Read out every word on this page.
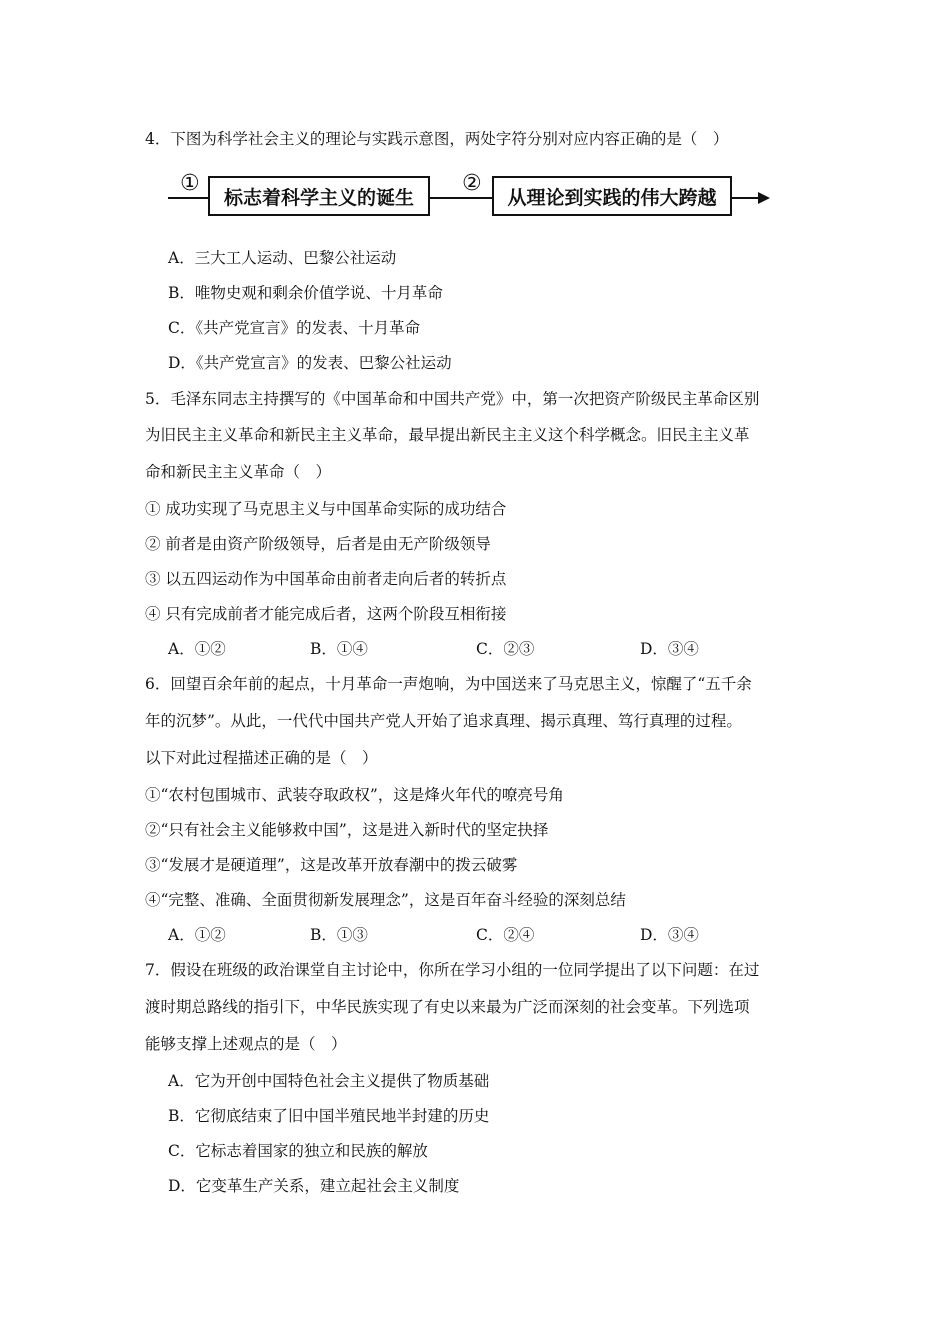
4．下图为科学社会主义的理论与实践示意图，两处字符分别对应内容正确的是（　）
①
标志着科学主义的诞生
②
从理论到实践的伟大跨越
A．三大工人运动、巴黎公社运动
B．唯物史观和剩余价值学说、十月革命
C．《共产党宣言》的发表、十月革命
D．《共产党宣言》的发表、巴黎公社运动
5．毛泽东同志主持撰写的《中国革命和中国共产党》中，第一次把资产阶级民主革命区别
为旧民主主义革命和新民主主义革命，最早提出新民主主义这个科学概念。旧民主主义革
命和新民主主义革命（　）
① 成功实现了马克思主义与中国革命实际的成功结合
② 前者是由资产阶级领导，后者是由无产阶级领导
③ 以五四运动作为中国革命由前者走向后者的转折点
④ 只有完成前者才能完成后者，这两个阶段互相衔接
A．①②	B．①④	C．②③	D．③④
6．回望百余年前的起点，十月革命一声炮响，为中国送来了马克思主义，惊醒了“五千余
年的沉梦”。从此，一代代中国共产党人开始了追求真理、揭示真理、笃行真理的过程。
以下对此过程描述正确的是（　）
①“农村包围城市、武装夺取政权”，这是烽火年代的嘹亮号角
②“只有社会主义能够救中国”，这是进入新时代的坚定抉择
③“发展才是硬道理”，这是改革开放春潮中的拨云破雾
④“完整、准确、全面贯彻新发展理念”，这是百年奋斗经验的深刻总结
A．①②	B．①③	C．②④	D．③④
7．假设在班级的政治课堂自主讨论中，你所在学习小组的一位同学提出了以下问题：在过
渡时期总路线的指引下，中华民族实现了有史以来最为广泛而深刻的社会变革。下列选项
能够支撑上述观点的是（　）
A．它为开创中国特色社会主义提供了物质基础
B．它彻底结束了旧中国半殖民地半封建的历史
C．它标志着国家的独立和民族的解放
D．它变革生产关系，建立起社会主义制度
